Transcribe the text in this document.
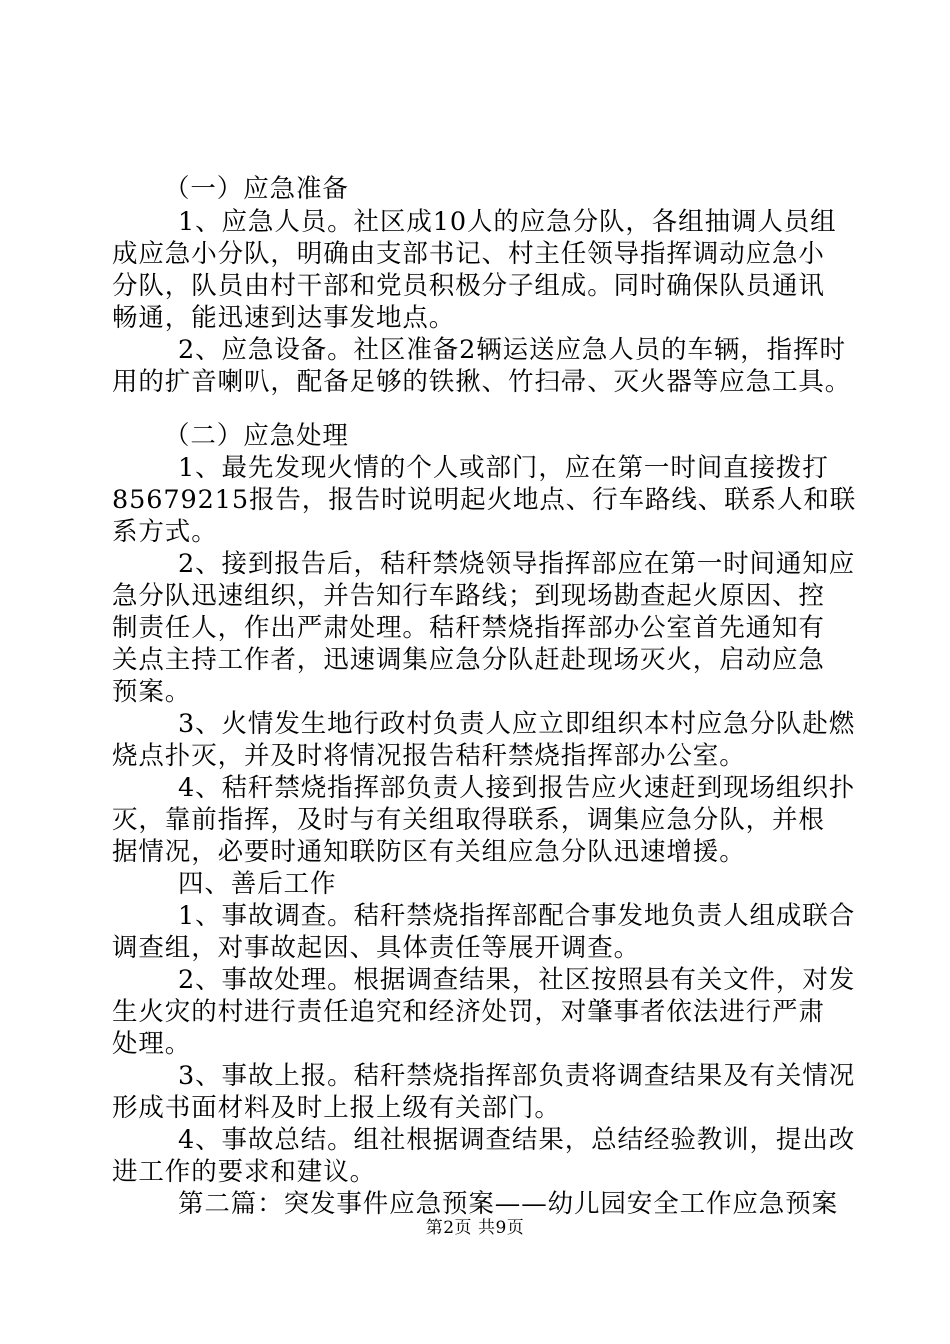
（一）应急准备
1、应急人员。社区成10人的应急分队，各组抽调人员组
成应急小分队，明确由支部书记、村主任领导指挥调动应急小
分队，队员由村干部和党员积极分子组成。同时确保队员通讯
畅通，能迅速到达事发地点。
2、应急设备。社区准备2辆运送应急人员的车辆，指挥时
用的扩音喇叭，配备足够的铁揪、竹扫帚、灭火器等应急工具。
（二）应急处理
1、最先发现火情的个人或部门，应在第一时间直接拨打
85679215报告，报告时说明起火地点、行车路线、联系人和联
系方式。
2、接到报告后，秸秆禁烧领导指挥部应在第一时间通知应
急分队迅速组织，并告知行车路线；到现场勘查起火原因、控
制责任人，作出严肃处理。秸秆禁烧指挥部办公室首先通知有
关点主持工作者，迅速调集应急分队赶赴现场灭火，启动应急
预案。
3、火情发生地行政村负责人应立即组织本村应急分队赴燃
烧点扑灭，并及时将情况报告秸秆禁烧指挥部办公室。
4、秸秆禁烧指挥部负责人接到报告应火速赶到现场组织扑
灭，靠前指挥，及时与有关组取得联系，调集应急分队，并根
据情况，必要时通知联防区有关组应急分队迅速增援。
四、善后工作
1、事故调查。秸秆禁烧指挥部配合事发地负责人组成联合
调查组，对事故起因、具体责任等展开调查。
2、事故处理。根据调查结果，社区按照县有关文件，对发
生火灾的村进行责任追究和经济处罚，对肇事者依法进行严肃
处理。
3、事故上报。秸秆禁烧指挥部负责将调查结果及有关情况
形成书面材料及时上报上级有关部门。
4、事故总结。组社根据调查结果，总结经验教训，提出改
进工作的要求和建议。
第二篇：突发事件应急预案——幼儿园安全工作应急预案
第2页 共9页
